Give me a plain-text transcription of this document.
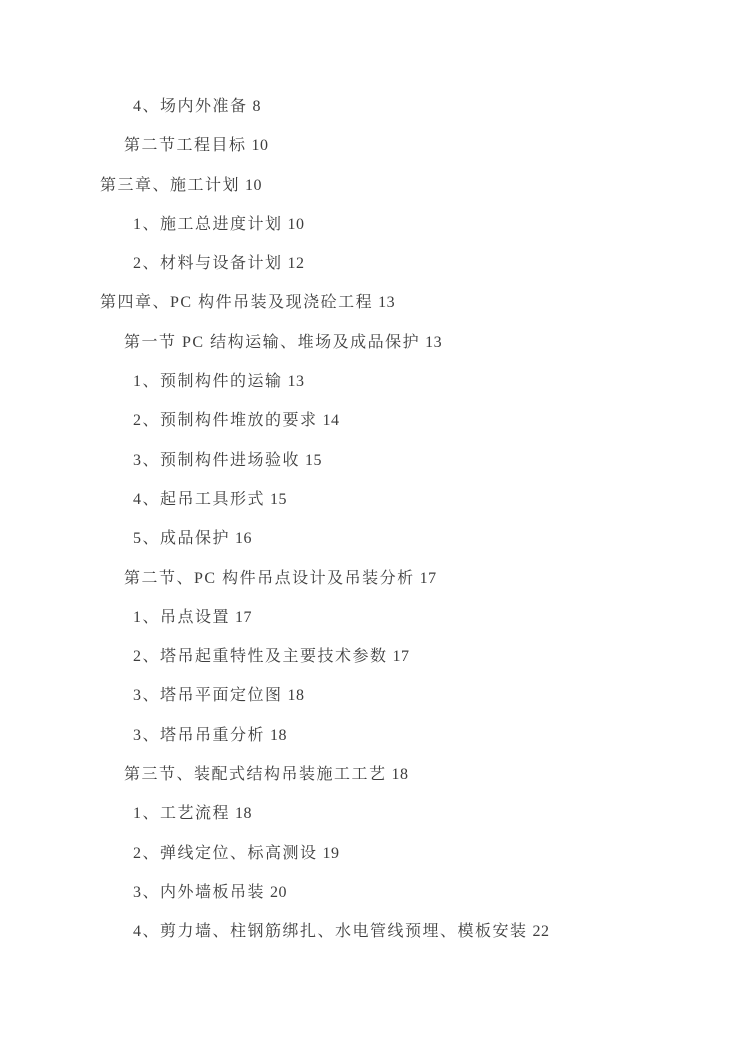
4、场内外准备 8
第二节工程目标 10
第三章、施工计划 10
1、施工总进度计划 10
2、材料与设备计划 12
第四章、PC 构件吊装及现浇砼工程 13
第一节 PC 结构运输、堆场及成品保护 13
1、预制构件的运输 13
2、预制构件堆放的要求 14
3、预制构件进场验收 15
4、起吊工具形式 15
5、成品保护 16
第二节、PC 构件吊点设计及吊装分析 17
1、吊点设置 17
2、塔吊起重特性及主要技术参数 17
3、塔吊平面定位图 18
3、塔吊吊重分析 18
第三节、装配式结构吊装施工工艺 18
1、工艺流程 18
2、弹线定位、标高测设 19
3、内外墙板吊装 20
4、剪力墙、柱钢筋绑扎、水电管线预埋、模板安装 22
